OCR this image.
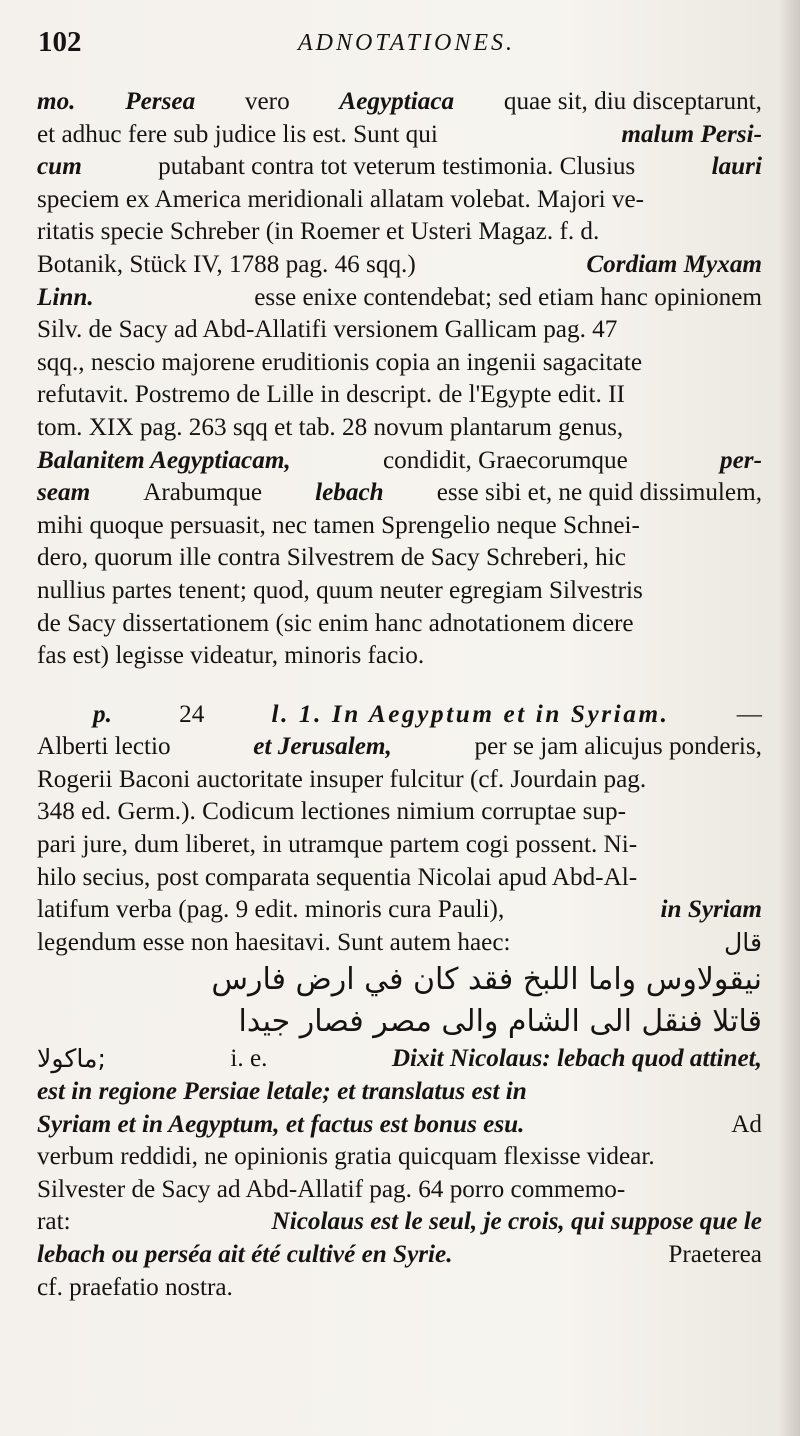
102	ADNOTATIONES.
mo. Persea vero Aegyptiaca quae sit, diu disceptarunt,
et adhuc fere sub judice lis est. Sunt qui	malum Persi-
cum	putabant contra tot veterum testimonia. Clusius	lauri
speciem ex America meridionali allatam volebat. Majori ve-
ritatis specie Schreber (in Roemer et Usteri Magaz. f. d.
Botanik, Stück IV, 1788 pag. 46 sqq.)	Cordiam Myxam
Linn.	esse enixe contendebat; sed etiam hanc opinionem
Silv. de Sacy ad Abd-Allatifi versionem Gallicam pag. 47
sqq., nescio majorene eruditionis copia an ingenii sagacitate
refutavit. Postremo de Lille in descript. de l'Egypte edit. II
tom. XIX pag. 263 sqq et tab. 28 novum plantarum genus,
Balanitem Aegyptiacam,	condidit, Graecorumque	per-
seam Arabumque lebach esse sibi et, ne quid dissimulem,
mihi quoque persuasit, nec tamen Sprengelio neque Schnei-
dero, quorum ille contra Silvestrem de Sacy Schreberi, hic
nullius partes tenent; quod, quum neuter egregiam Silvestris
de Sacy dissertationem (sic enim hanc adnotationem dicere
fas est) legisse videatur, minoris facio.
p.	24	l. 1. In Aegyptum et in Syriam.	—
Alberti lectio	et Jerusalem,	per se jam alicujus ponderis,
Rogerii Baconi auctoritate insuper fulcitur (cf. Jourdain pag.
348 ed. Germ.). Codicum lectiones nimium corruptae sup-
pari jure, dum liberet, in utramque partem cogi possent. Ni-
hilo secius, post comparata sequentia Nicolai apud Abd-Al-
latifum verba (pag. 9 edit. minoris cura Pauli),	in Syriam
legendum esse non haesitavi. Sunt autem haec:	قال
نيقولاوس واما اللبخ فقد كان في ارض فارس
قاتلا فنقل الى الشام والى مصر فصار جيدا
ماكولا;	i. e.	Dixit Nicolaus: lebach quod attinet,
est in regione Persiae letale; et translatus est in
Syriam et in Aegyptum, et factus est bonus esu.	Ad
verbum reddidi, ne opinionis gratia quicquam flexisse videar.
Silvester de Sacy ad Abd-Allatif pag. 64 porro commemo-
rat:	Nicolaus est le seul, je crois, qui suppose que le
lebach ou perséa ait été cultivé en Syrie.	Praeterea
cf. praefatio nostra.
